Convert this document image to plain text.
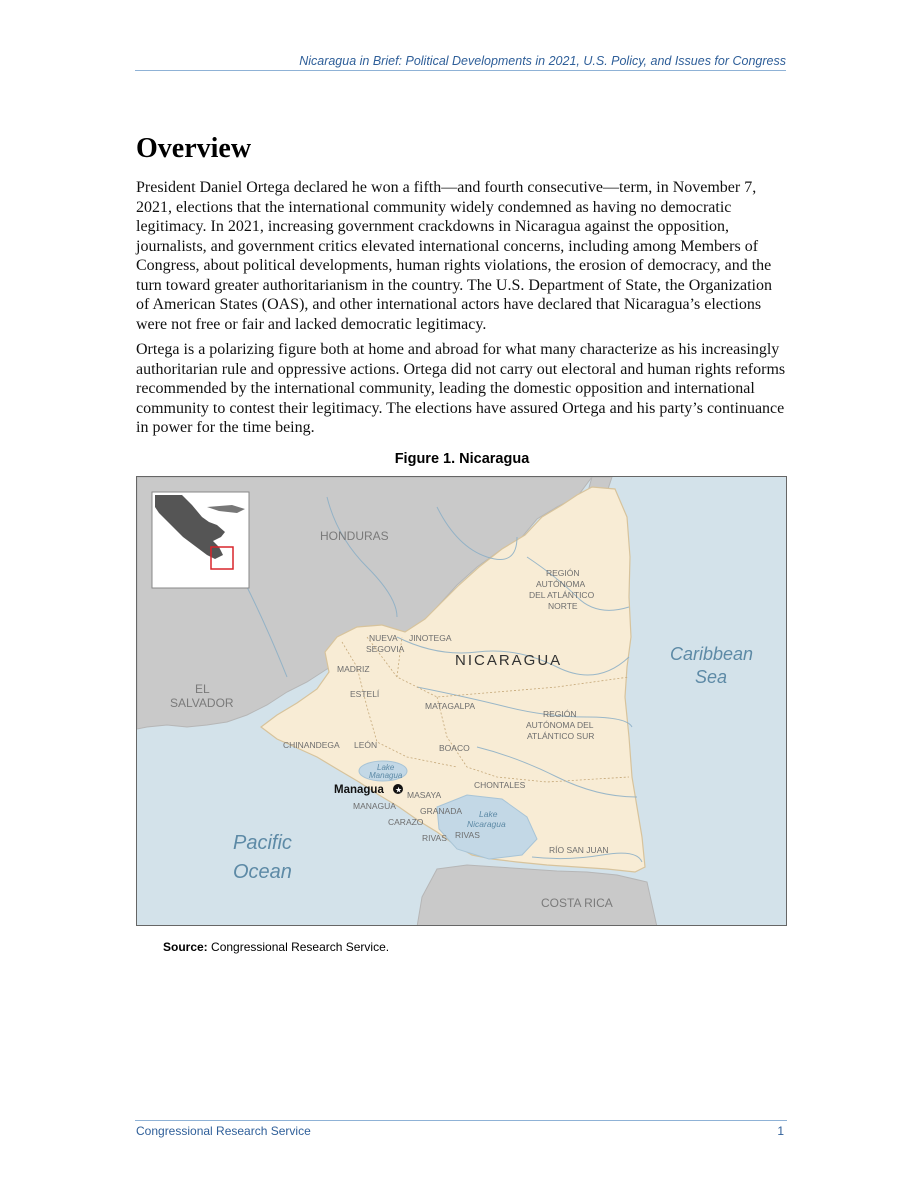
Nicaragua in Brief: Political Developments in 2021, U.S. Policy, and Issues for Congress
Overview

President Daniel Ortega declared he won a fifth—and fourth consecutive—term, in November 7, 2021, elections that the international community widely condemned as having no democratic legitimacy. In 2021, increasing government crackdowns in Nicaragua against the opposition, journalists, and government critics elevated international concerns, including among Members of Congress, about political developments, human rights violations, the erosion of democracy, and the turn toward greater authoritarianism in the country. The U.S. Department of State, the Organization of American States (OAS), and other international actors have declared that Nicaragua’s elections were not free or fair and lacked democratic legitimacy.

Ortega is a polarizing figure both at home and abroad for what many characterize as his increasingly authoritarian rule and oppressive actions. Ortega did not carry out electoral and human rights reforms recommended by the international community, leading the domestic opposition and international community to contest their legitimacy. The elections have assured Ortega and his party’s continuance in power for the time being.

Figure 1. Nicaragua
HONDURAS
EL
SALVADOR
COSTA RICA
Caribbean
Sea
Pacific
Ocean
Lake
Managua
Lake
Nicaragua
NICARAGUA
REGIÓN
AUTÓNOMA
DEL ATLÁNTICO
NORTE
REGIÓN
AUTÓNOMA DEL
ATLÁNTICO SUR
NUEVA
SEGOVIA
JINOTEGA
MADRIZ
ESTELÍ
MATAGALPA
CHINANDEGA LEÓN	BOACO
CHONTALES
MASAYA
MANAGUA	GRANADA
CARAZO
RIVAS RIVAS
RÍO SAN JUAN
Managua ★
Source: Congressional Research Service.
Congressional Research Service	1
